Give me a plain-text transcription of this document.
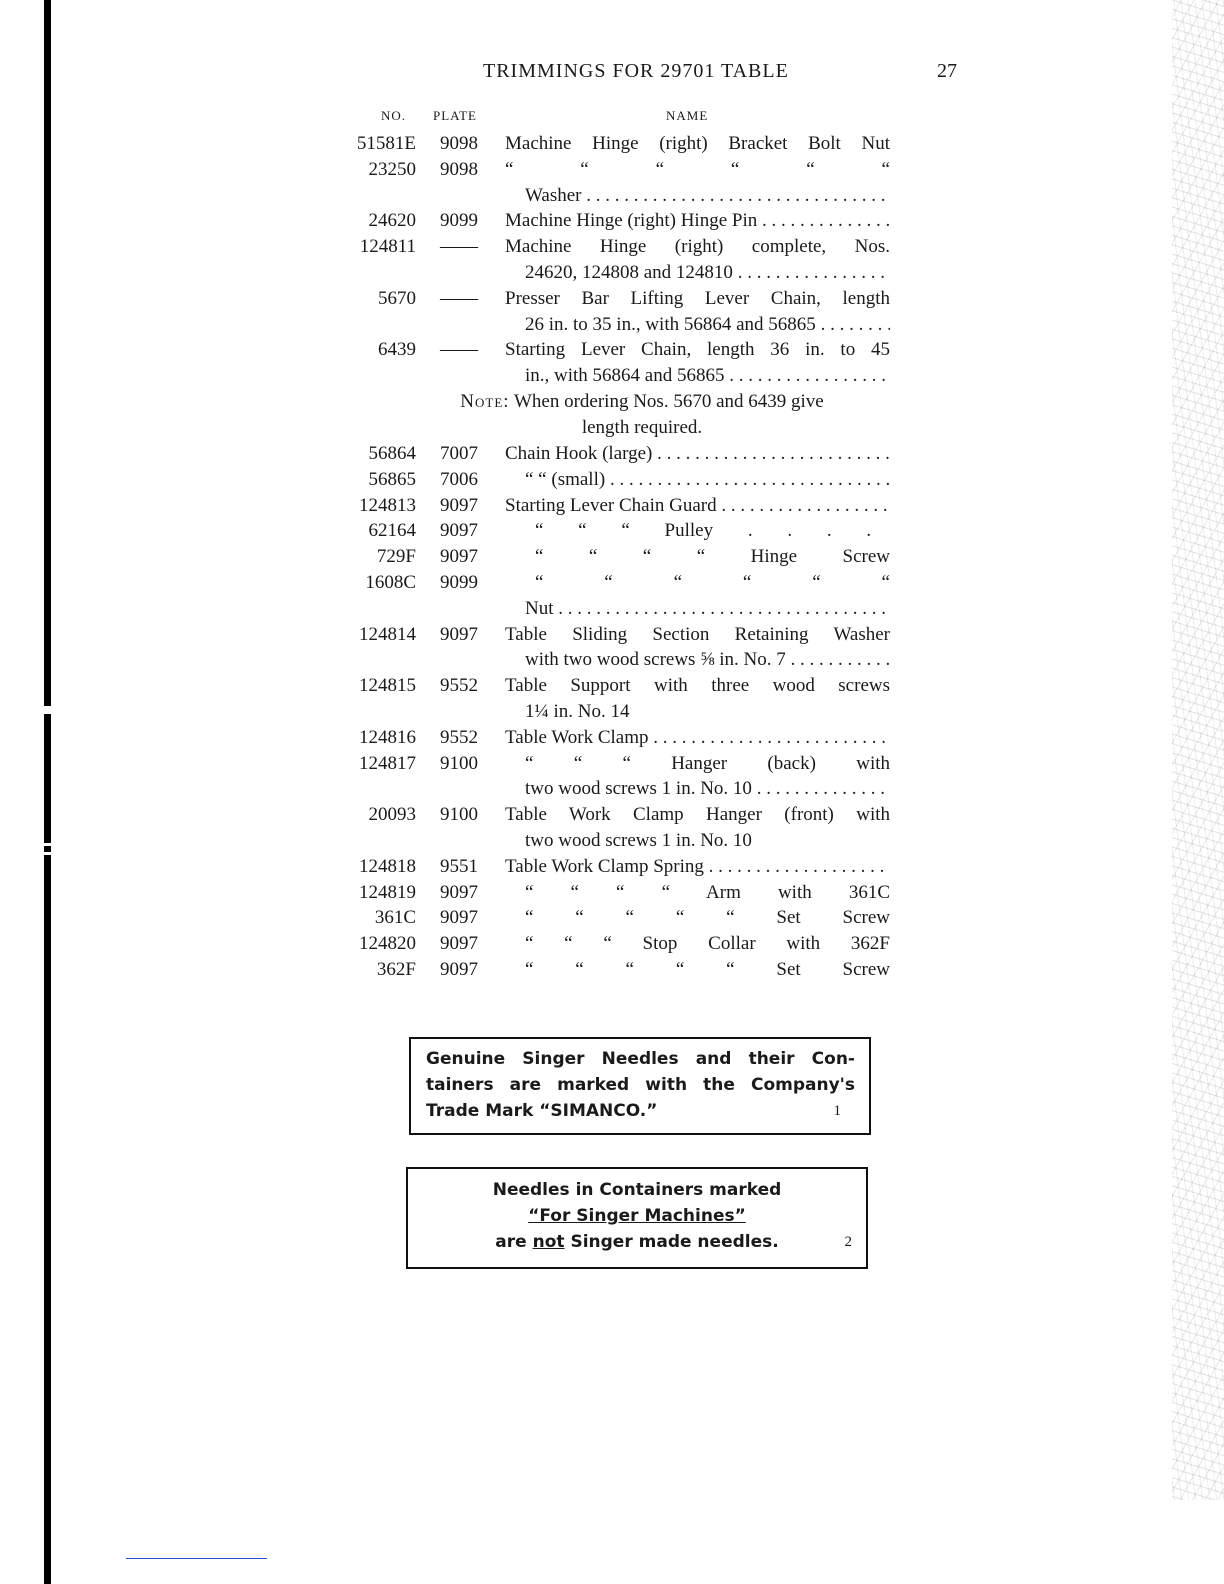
TRIMMINGS FOR 29701 TABLE	27
NO. PLATE	NAME
51581E	9098	Machine Hinge (right) Bracket Bolt Nut
23250	9098	“ “ “ “ “ “
Washer . . .
24620	9099	Machine Hinge (right) Hinge Pin . . .
124811	——	Machine Hinge (right) complete, Nos.
24620, 124808 and 124810 . . .
5670	——	Presser Bar Lifting Lever Chain, length
26 in. to 35 in., with 56864 and 56865 . . .
6439	——	Starting Lever Chain, length 36 in. to 45
in., with 56864 and 56865 . . .
Note: When ordering Nos. 5670 and 6439 give
length required.
56864	7007	Chain Hook (large) . . .
56865	7006	“ “ (small) . . .
124813	9097	Starting Lever Chain Guard . . .
62164	9097	“ “ “ Pulley . . .
729F	9097	“ “ “ “ Hinge Screw
1608C	9099	“ “ “ “ “ “
Nut . . .
124814	9097	Table Sliding Section Retaining Washer
with two wood screws ⅝ in. No. 7 . . .
124815	9552	Table Support with three wood screws
1¼ in. No. 14
124816	9552	Table Work Clamp . . .
124817	9100	“ “ “ Hanger (back) with
two wood screws 1 in. No. 10 . . .
20093	9100	Table Work Clamp Hanger (front) with
two wood screws 1 in. No. 10
124818	9551	Table Work Clamp Spring . . .
124819	9097	“ “ “ “ Arm with 361C
361C	9097	“ “ “ “ “ Set Screw
124820	9097	“ “ “ Stop Collar with 362F
362F	9097	“ “ “ “ “ Set Screw
Genuine Singer Needles and their Con-
tainers are marked with the Company's
Trade Mark “SIMANCO.”	1
Needles in Containers marked
“For Singer Machines”
are not Singer made needles.	2
